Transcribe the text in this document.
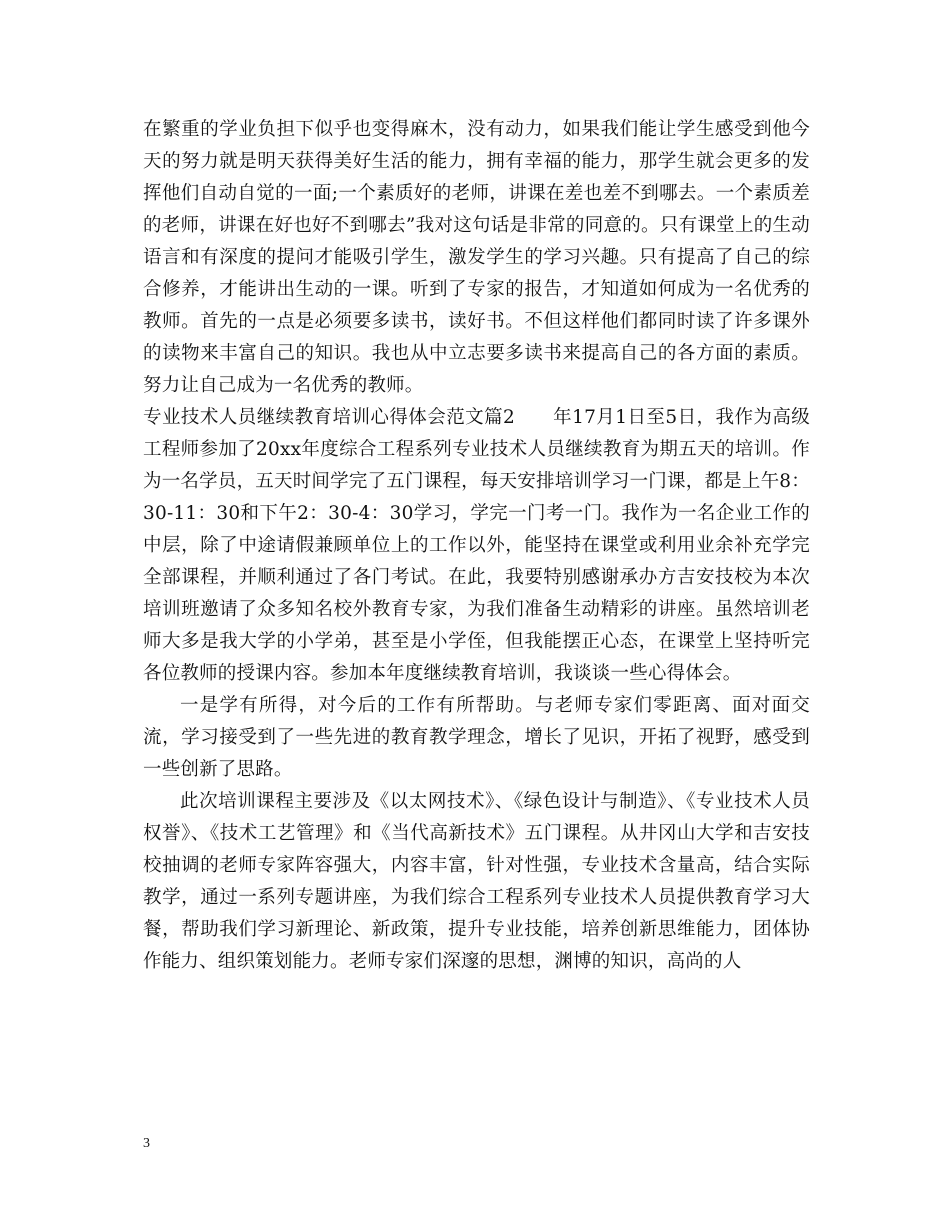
在繁重的学业负担下似乎也变得麻木，没有动力，如果我们能让学生感受到他今天的努力就是明天获得美好生活的能力，拥有幸福的能力，那学生就会更多的发挥他们自动自觉的一面;一个素质好的老师，讲课在差也差不到哪去。一个素质差的老师，讲课在好也好不到哪去”我对这句话是非常的同意的。只有课堂上的生动语言和有深度的提问才能吸引学生，激发学生的学习兴趣。只有提高了自己的综合修养，才能讲出生动的一课。听到了专家的报告，才知道如何成为一名优秀的教师。首先的一点是必须要多读书，读好书。不但这样他们都同时读了许多课外的读物来丰富自己的知识。我也从中立志要多读书来提高自己的各方面的素质。努力让自己成为一名优秀的教师。

专业技术人员继续教育培训心得体会范文篇2　　年17月1日至5日，我作为高级工程师参加了20xx年度综合工程系列专业技术人员继续教育为期五天的培训。作为一名学员，五天时间学完了五门课程，每天安排培训学习一门课，都是上午8：30-11：30和下午2：30-4：30学习，学完一门考一门。我作为一名企业工作的中层，除了中途请假兼顾单位上的工作以外，能坚持在课堂或利用业余补充学完全部课程，并顺利通过了各门考试。在此，我要特别感谢承办方吉安技校为本次培训班邀请了众多知名校外教育专家，为我们准备生动精彩的讲座。虽然培训老师大多是我大学的小学弟，甚至是小学侄，但我能摆正心态，在课堂上坚持听完各位教师的授课内容。参加本年度继续教育培训，我谈谈一些心得体会。

一是学有所得，对今后的工作有所帮助。与老师专家们零距离、面对面交流，学习接受到了一些先进的教育教学理念，增长了见识，开拓了视野，感受到一些创新了思路。

此次培训课程主要涉及《以太网技术》、《绿色设计与制造》、《专业技术人员权誉》、《技术工艺管理》和《当代高新技术》五门课程。从井冈山大学和吉安技校抽调的老师专家阵容强大，内容丰富，针对性强，专业技术含量高，结合实际教学，通过一系列专题讲座，为我们综合工程系列专业技术人员提供教育学习大餐，帮助我们学习新理论、新政策，提升专业技能，培养创新思维能力，团体协作能力、组织策划能力。老师专家们深邃的思想，渊博的知识，高尚的人

3
